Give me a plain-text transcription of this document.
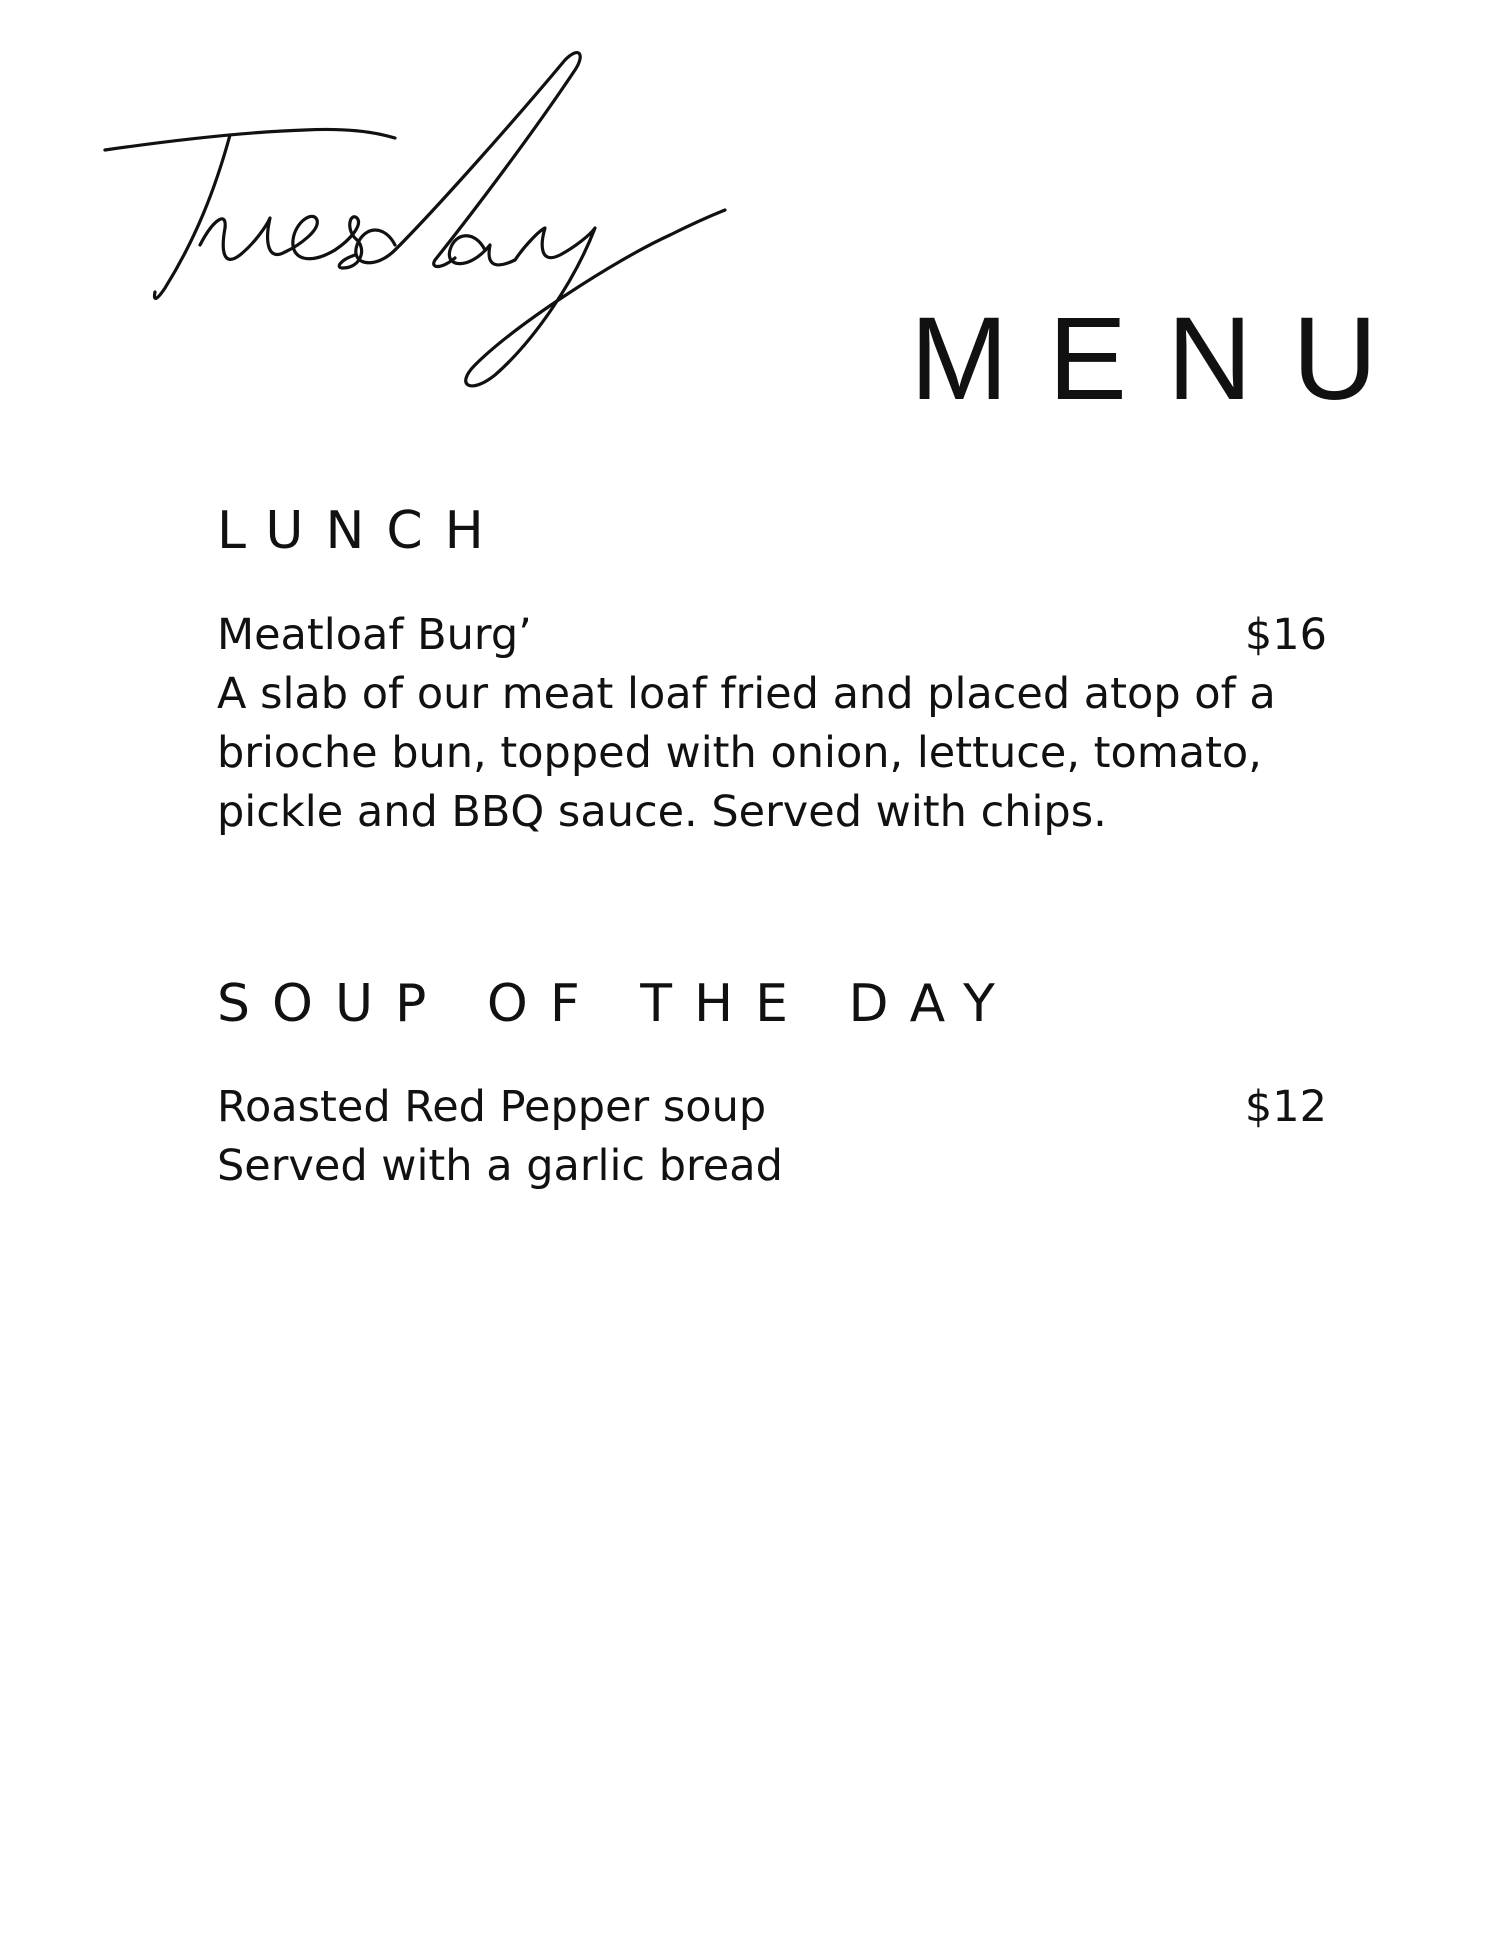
MENU
LUNCH
Meatloaf Burg’	$16
A slab of our meat loaf fried and placed atop of a brioche bun, topped with onion, lettuce, tomato, pickle and BBQ sauce. Served with chips.
SOUP OF THE DAY
Roasted Red Pepper soup	$12
Served with a garlic bread
